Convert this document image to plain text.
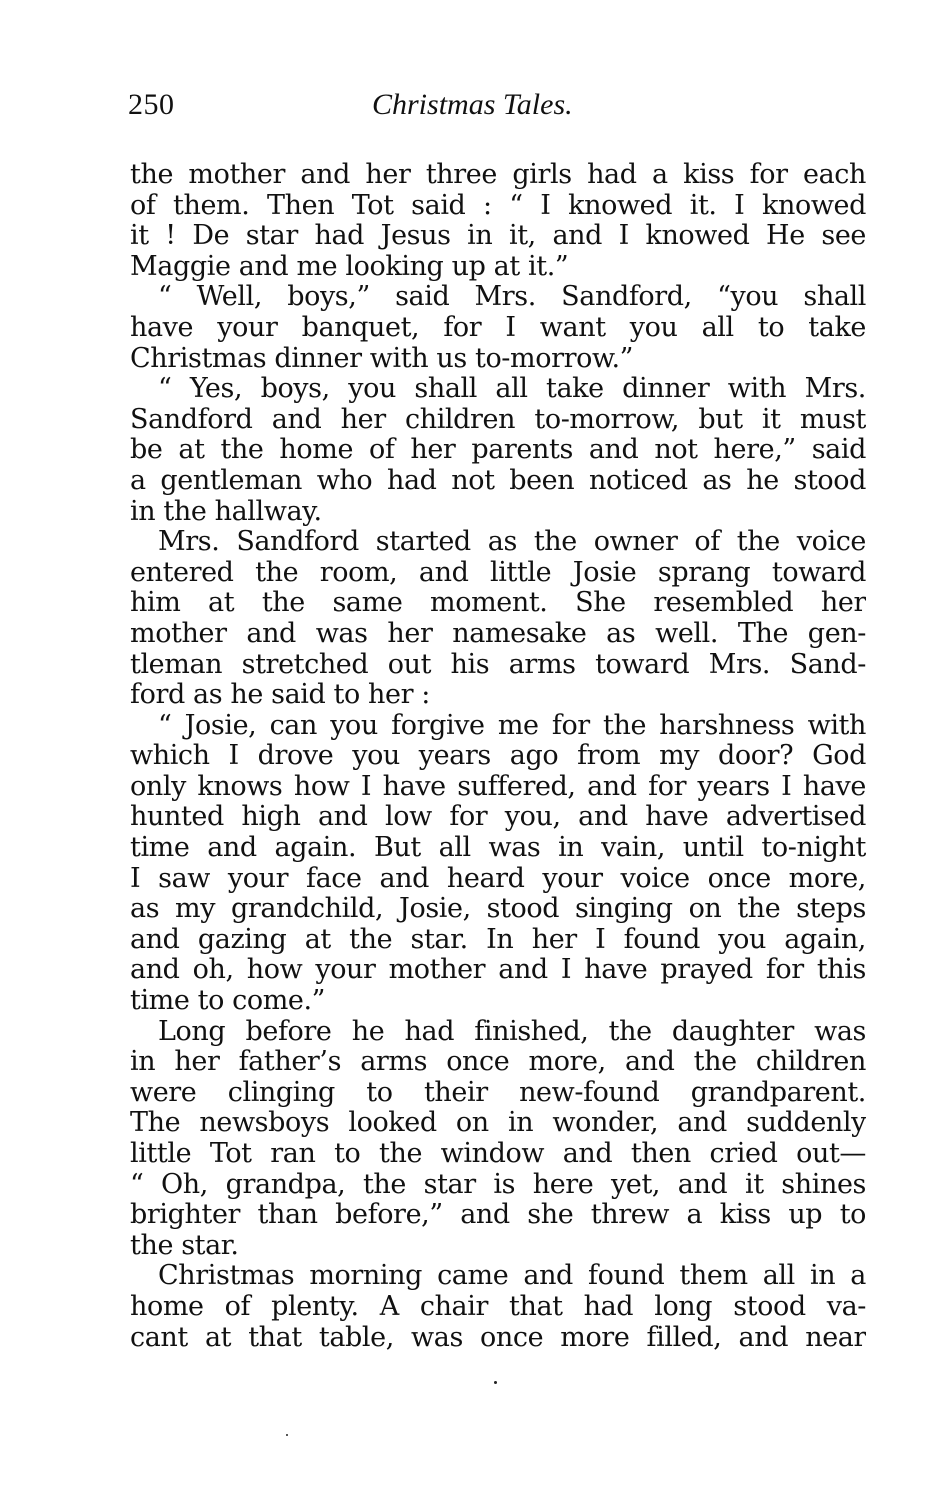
250	Christmas Tales.
the mother and her three girls had a kiss for each
of them. Then Tot said : “ I knowed it. I knowed
it ! De star had Jesus in it, and I knowed He see
Maggie and me looking up at it.”
“ Well, boys,” said Mrs. Sandford, “you shall
have your banquet, for I want you all to take
Christmas dinner with us to-morrow.”
“ Yes, boys, you shall all take dinner with Mrs.
Sandford and her children to-morrow, but it must
be at the home of her parents and not here,” said
a gentleman who had not been noticed as he stood
in the hallway.
Mrs. Sandford started as the owner of the voice
entered the room, and little Josie sprang toward
him at the same moment. She resembled her
mother and was her namesake as well. The gen-
tleman stretched out his arms toward Mrs. Sand-
ford as he said to her :
“ Josie, can you forgive me for the harshness with
which I drove you years ago from my door? God
only knows how I have suffered, and for years I have
hunted high and low for you, and have advertised
time and again. But all was in vain, until to-night
I saw your face and heard your voice once more,
as my grandchild, Josie, stood singing on the steps
and gazing at the star. In her I found you again,
and oh, how your mother and I have prayed for this
time to come.”
Long before he had finished, the daughter was
in her father’s arms once more, and the children
were clinging to their new-found grandparent.
The newsboys looked on in wonder, and suddenly
little Tot ran to the window and then cried out—
“ Oh, grandpa, the star is here yet, and it shines
brighter than before,” and she threw a kiss up to
the star.
Christmas morning came and found them all in a
home of plenty. A chair that had long stood va-
cant at that table, was once more filled, and near
